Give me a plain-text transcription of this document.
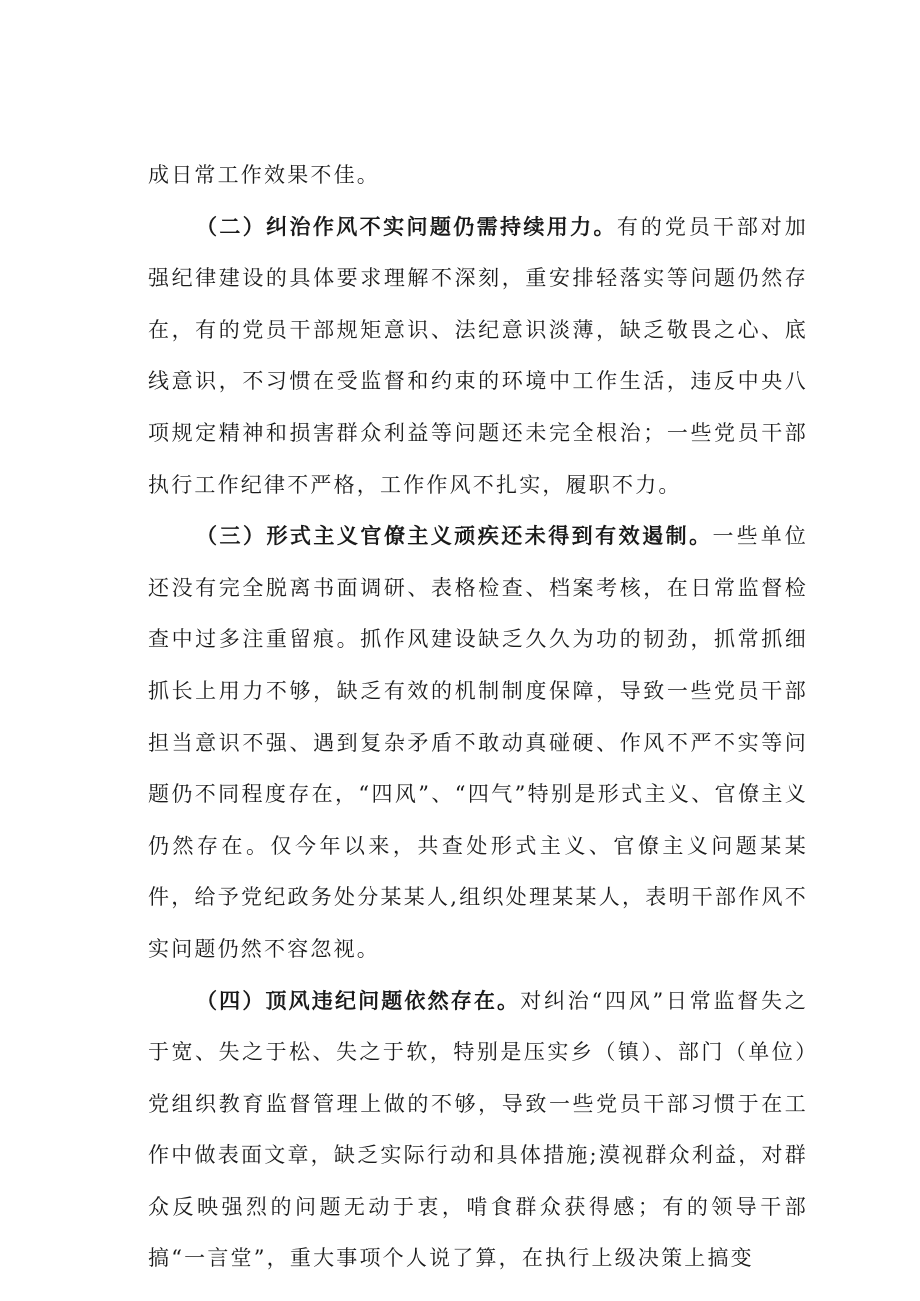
成日常工作效果不佳。

（二）纠治作风不实问题仍需持续用力。有的党员干部对加强纪律建设的具体要求理解不深刻，重安排轻落实等问题仍然存在，有的党员干部规矩意识、法纪意识淡薄，缺乏敬畏之心、底线意识，不习惯在受监督和约束的环境中工作生活，违反中央八项规定精神和损害群众利益等问题还未完全根治；一些党员干部执行工作纪律不严格，工作作风不扎实，履职不力。

（三）形式主义官僚主义顽疾还未得到有效遏制。一些单位还没有完全脱离书面调研、表格检查、档案考核，在日常监督检查中过多注重留痕。抓作风建设缺乏久久为功的韧劲，抓常抓细抓长上用力不够，缺乏有效的机制制度保障，导致一些党员干部担当意识不强、遇到复杂矛盾不敢动真碰硬、作风不严不实等问题仍不同程度存在，“四风”、“四气”特别是形式主义、官僚主义仍然存在。仅今年以来，共查处形式主义、官僚主义问题某某件，给予党纪政务处分某某人,组织处理某某人，表明干部作风不实问题仍然不容忽视。

（四）顶风违纪问题依然存在。对纠治“四风”日常监督失之于宽、失之于松、失之于软，特别是压实乡（镇）、部门（单位）党组织教育监督管理上做的不够，导致一些党员干部习惯于在工作中做表面文章，缺乏实际行动和具体措施;漠视群众利益，对群众反映强烈的问题无动于衷，啃食群众获得感；有的领导干部搞“一言堂”，重大事项个人说了算，在执行上级决策上搞变
